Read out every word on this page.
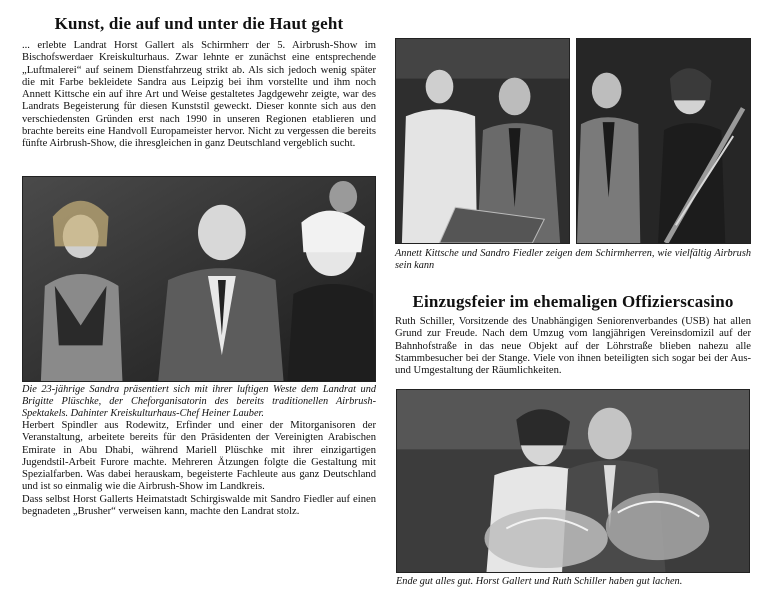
Kunst, die auf und unter die Haut geht

... erlebte Landrat Horst Gallert als Schirmherr der 5. Airbrush-Show im Bischofswerdaer Kreiskulturhaus. Zwar lehnte er zunächst eine entsprechende „Luftmalerei“ auf seinem Dienstfahrzeug strikt ab. Als sich jedoch wenig später die mit Farbe bekleidete Sandra aus Leipzig bei ihm vorstellte und ihm noch Annett Kittsche ein auf ihre Art und Weise gestaltetes Jagdgewehr zeigte, war des Landrats Begeisterung für diesen Kunststil geweckt. Dieser konnte sich aus den verschiedensten Gründen erst nach 1990 in unseren Regionen etablieren und brachte bereits eine Handvoll Europameister hervor. Nicht zu vergessen die bereits fünfte Airbrush-Show, die ihresgleichen in ganz Deutschland vergeblich sucht.

Die 23-jährige Sandra präsentiert sich mit ihrer luftigen Weste dem Landrat und Brigitte Plüschke, der Cheforganisatorin des bereits traditionellen Airbrush-Spektakels. Dahinter Kreiskulturhaus-Chef Heiner Lauber.

Herbert Spindler aus Rodewitz, Erfinder und einer der Mitorganisoren der Veranstaltung, arbeitete bereits für den Präsidenten der Vereinigten Arabischen Emirate in Abu Dhabi, während Mariell Plüschke mit ihrer einzigartigen Jugendstil-Arbeit Furore machte. Mehreren Ätzungen folgte die Gestaltung mit Spezialfarben. Was dabei herauskam, begeisterte Fachleute aus ganz Deutschland und ist so einmalig wie die Airbrush-Show im Landkreis.

Dass selbst Horst Gallerts Heimatstadt Schirgiswalde mit Sandro Fiedler auf einen begnadeten „Brusher“ verweisen kann, machte den Landrat stolz.

Annett Kittsche und Sandro Fiedler zeigen dem Schirmherren, wie vielfältig Airbrush sein kann

Einzugsfeier im ehemaligen Offizierscasino

Ruth Schiller, Vorsitzende des Unabhängigen Seniorenverbandes (USB) hat allen Grund zur Freude. Nach dem Umzug vom langjährigen Vereinsdomizil auf der Bahnhofstraße in das neue Objekt auf der Löhrstraße blieben nahezu alle Stammbesucher bei der Stange. Viele von ihnen beteiligten sich sogar bei der Aus- und Umgestaltung der Räumlichkeiten.

Ende gut alles gut. Horst Gallert und Ruth Schiller haben gut lachen.
